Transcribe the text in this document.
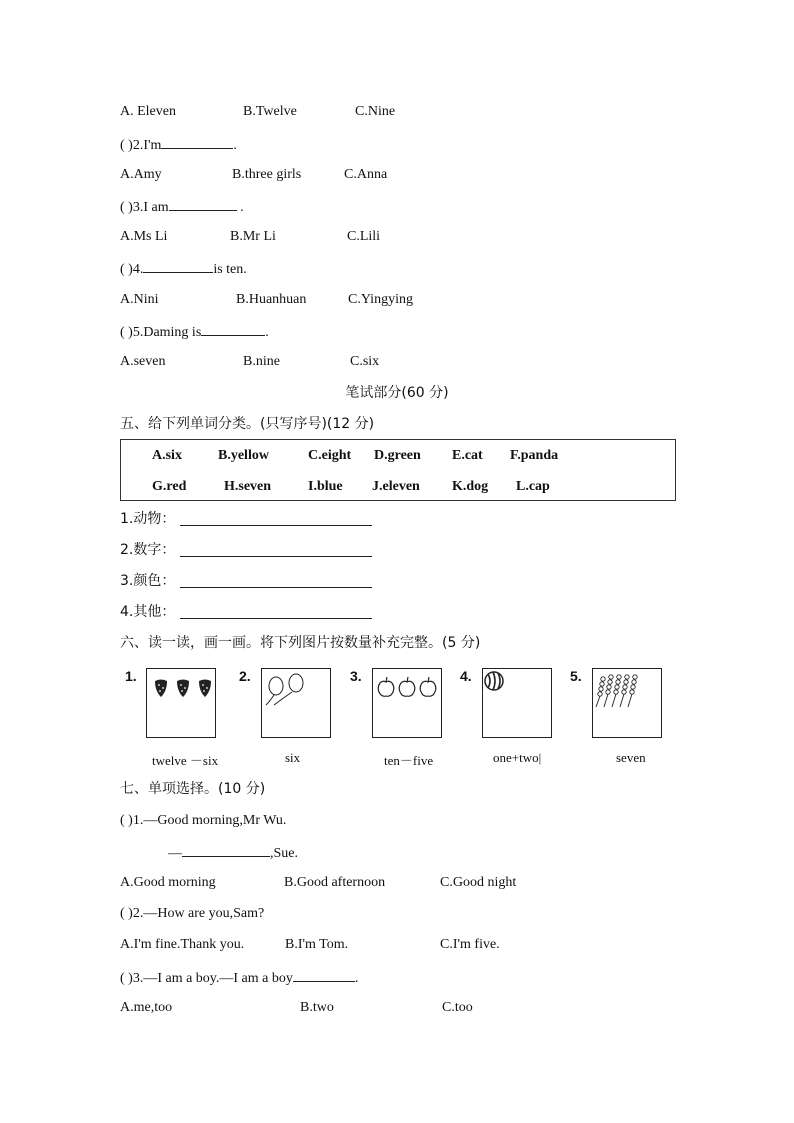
A. Eleven	B.Twelve	C.Nine
( )2.I'm	.
A.Amy	B.three girls	C.Anna
( )3.I am	.
A.Ms Li	B.Mr Li	C.Lili
( )4.	is ten.
A.Nini	B.Huanhuan	C.Yingying
( )5.Daming is	.
A.seven	B.nine	C.six
笔试部分(60 分)
五、给下列单词分类。(只写序号)(12 分)
A.six	B.yellow	C.eight D.green E.cat F.panda
G.red	H.seven	I.blue J.eleven K.dog L.cap
1.动物：
2.数字：
3.颜色：
4.其他：
六、读一读，画一画。将下列图片按数量补充完整。(5 分)
1.
twelve －six
2.
six
3.
ten－five
4.
one+two|
5.
seven
七、单项选择。(10 分)
( )1.—Good morning,Mr Wu.
—	,Sue.
A.Good morning	B.Good afternoon	C.Good night
( )2.—How are you,Sam?
A.I'm fine.Thank you.	B.I'm Tom.	C.I'm five.
( )3.—I am a boy.—I am a boy	.
A.me,too	B.two	C.too
